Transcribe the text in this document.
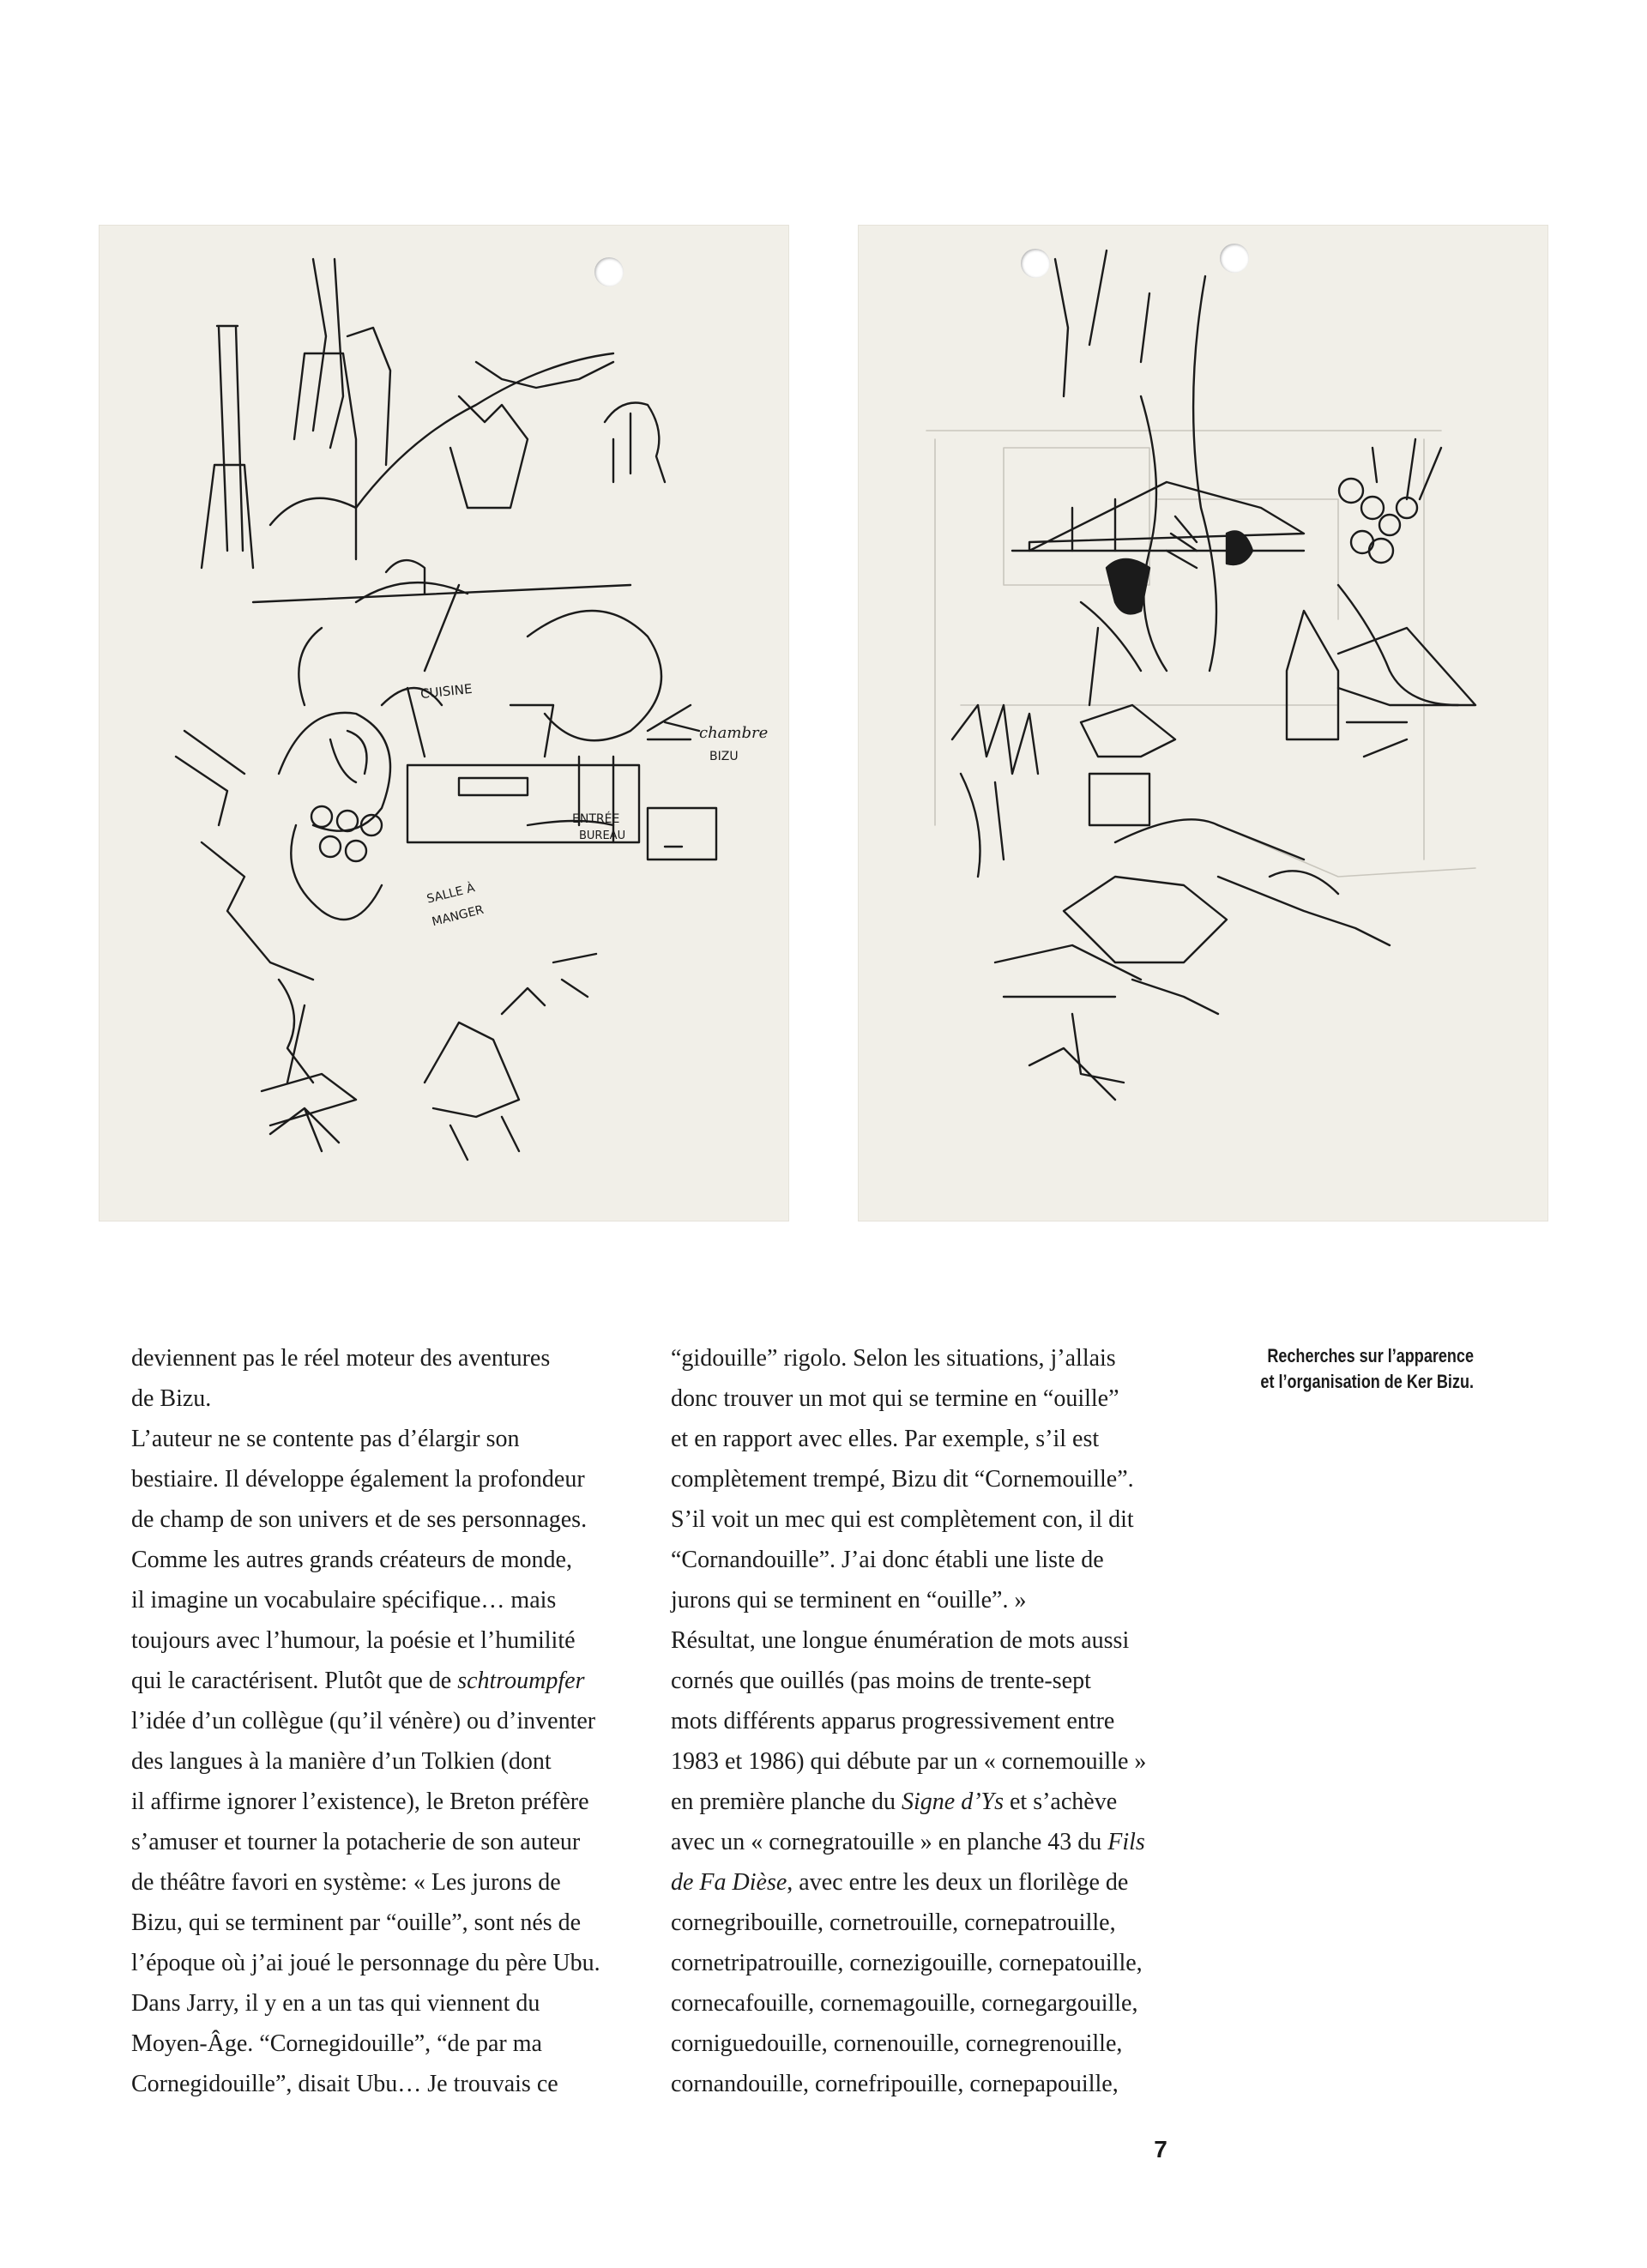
CUISINE
chambre
BIZU
ENTRÉE
BUREAU
SALLE À
MANGER

deviennent pas le réel moteur des aventures

de Bizu.

L’auteur ne se contente pas d’élargir son

bestiaire. Il développe également la profondeur

de champ de son univers et de ses personnages.

Comme les autres grands créateurs de monde,

il imagine un vocabulaire spécifique… mais

toujours avec l’humour, la poésie et l’humilité

qui le caractérisent. Plutôt que de schtroumpfer

l’idée d’un collègue (qu’il vénère) ou d’inventer

des langues à la manière d’un Tolkien (dont

il affirme ignorer l’existence), le Breton préfère

s’amuser et tourner la potacherie de son auteur

de théâtre favori en système: « Les jurons de

Bizu, qui se terminent par “ouille”, sont nés de

l’époque où j’ai joué le personnage du père Ubu.

Dans Jarry, il y en a un tas qui viennent du

Moyen-Âge. “Cornegidouille”, “de par ma

Cornegidouille”, disait Ubu… Je trouvais ce

“gidouille” rigolo. Selon les situations, j’allais

donc trouver un mot qui se termine en “ouille”

et en rapport avec elles. Par exemple, s’il est

complètement trempé, Bizu dit “Cornemouille”.

S’il voit un mec qui est complètement con, il dit

“Cornandouille”. J’ai donc établi une liste de

jurons qui se terminent en “ouille”. »

Résultat, une longue énumération de mots aussi

cornés que ouillés (pas moins de trente-sept

mots différents apparus progressivement entre

1983 et 1986) qui débute par un « cornemouille »

en première planche du Signe d’Ys et s’achève

avec un « cornegratouille » en planche 43 du Fils

de Fa Dièse, avec entre les deux un florilège de

cornegribouille, cornetrouille, cornepatrouille,

cornetripatrouille, cornezigouille, cornepatouille,

cornecafouille, cornemagouille, cornegargouille,

corniguedouille, cornenouille, cornegrenouille,

cornandouille, cornefripouille, cornepapouille,

Recherches sur l’apparence
et l’organisation de Ker Bizu.
7
